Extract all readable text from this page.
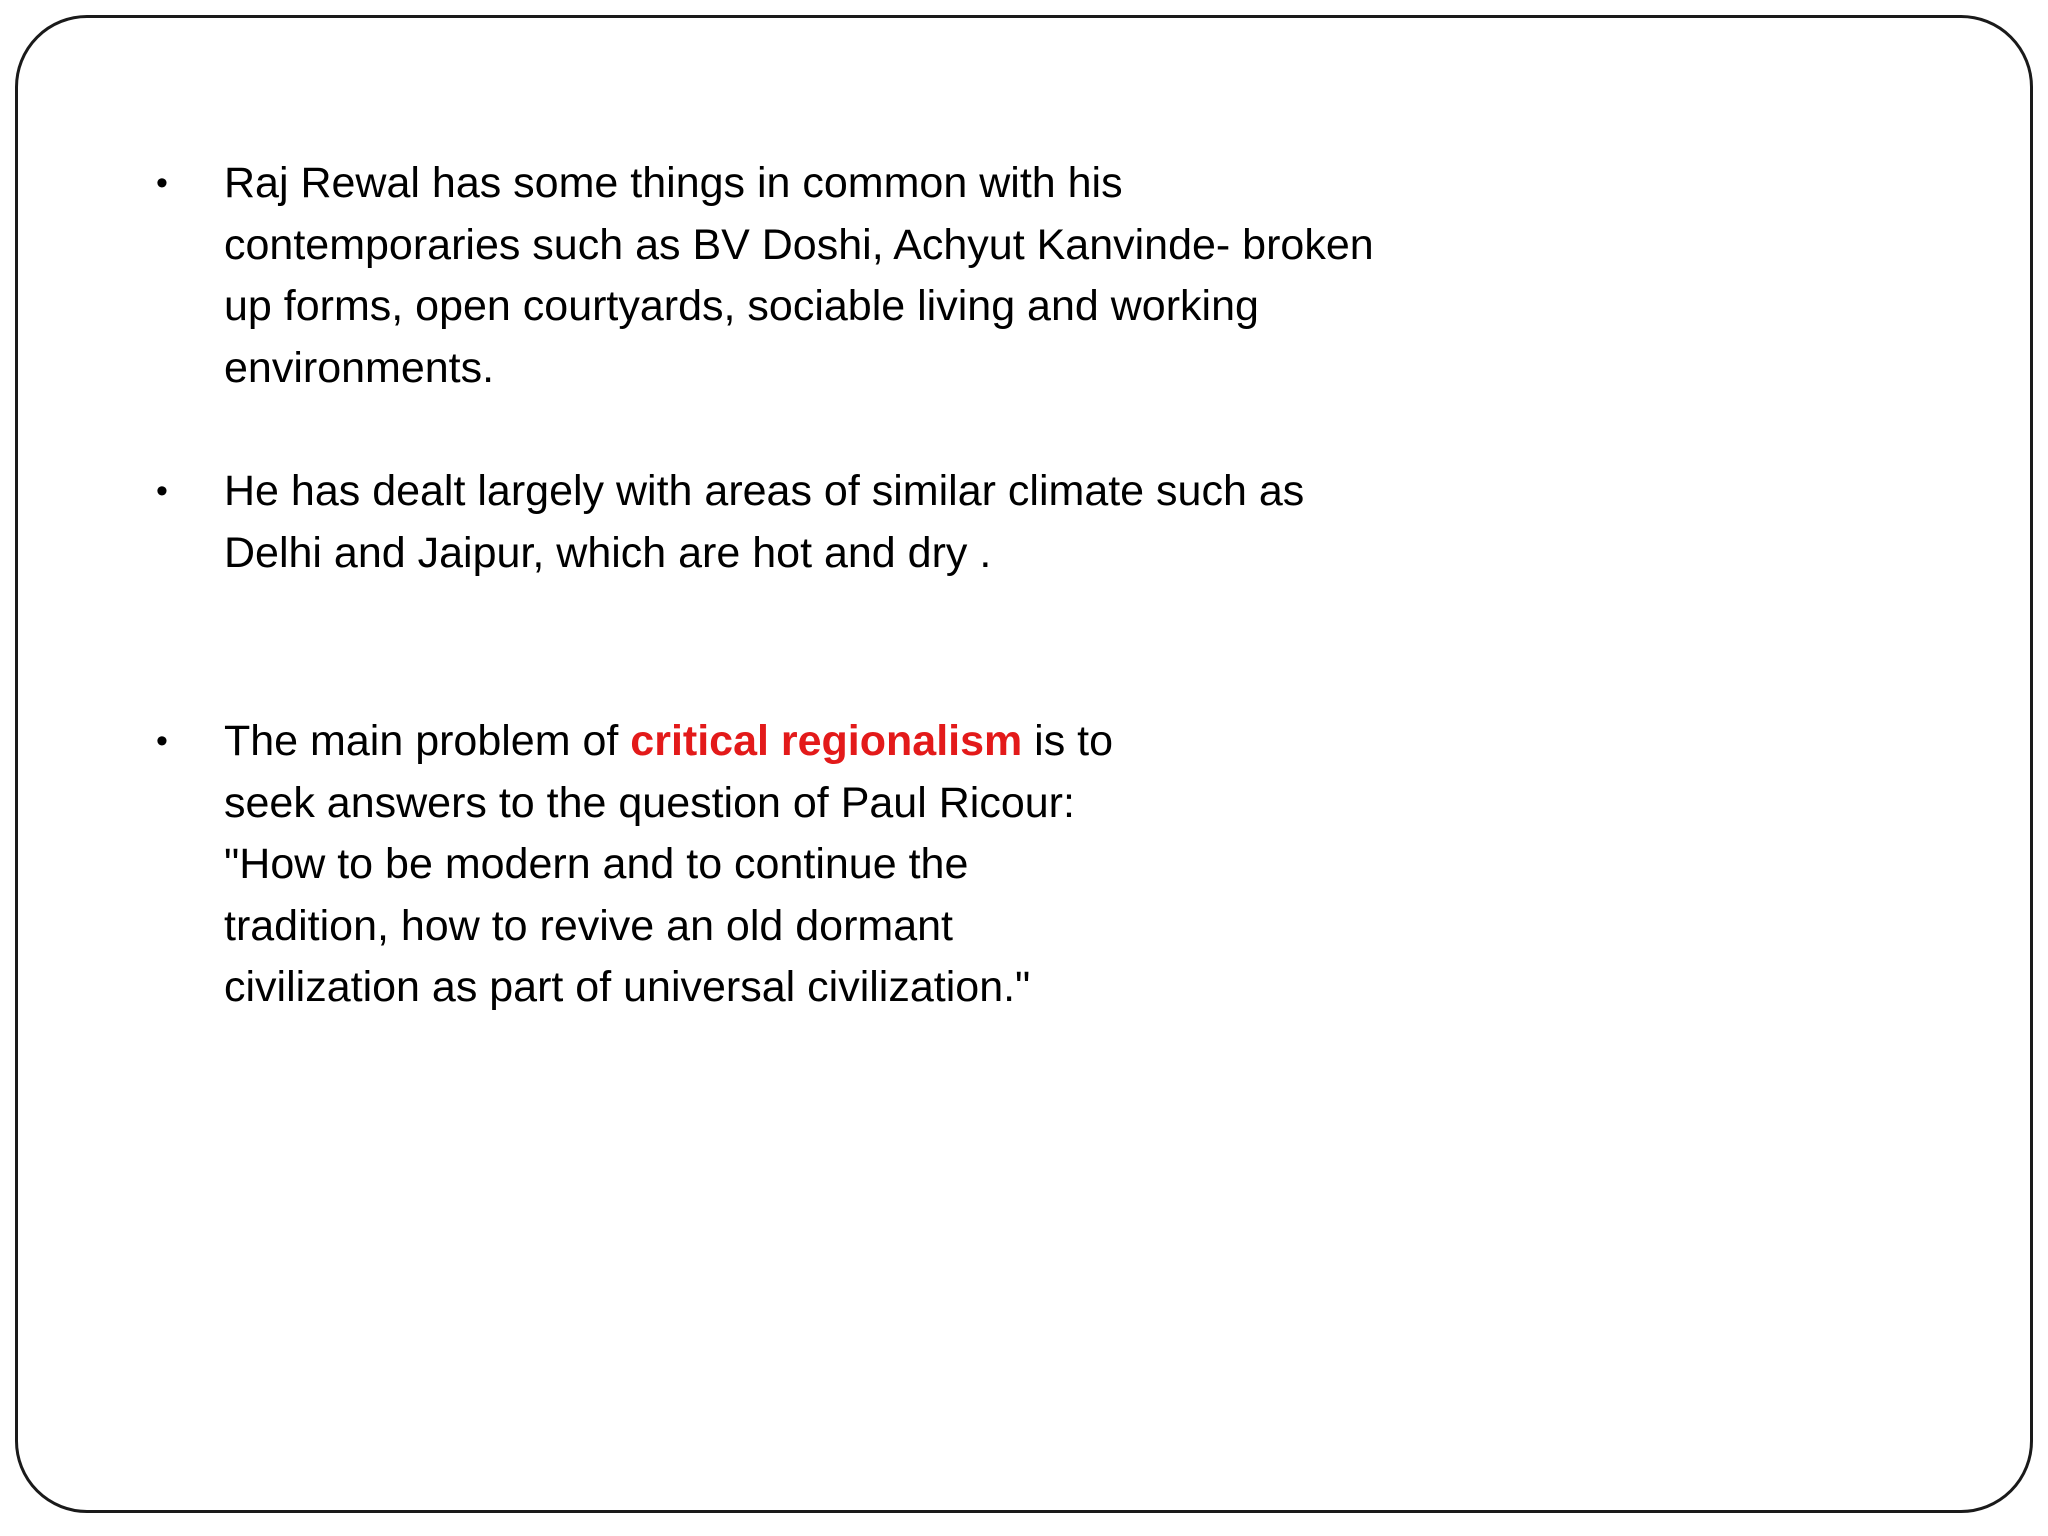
• Raj Rewal has some things in common with his
contemporaries such as BV Doshi, Achyut Kanvinde- broken
up forms, open courtyards, sociable living and working
environments.
• He has dealt largely with areas of similar climate such as
Delhi and Jaipur, which are hot and dry .
• The main problem of critical regionalism is to
seek answers to the question of Paul Ricour:
"How to be modern and to continue the
tradition, how to revive an old dormant
civilization as part of universal civilization."
